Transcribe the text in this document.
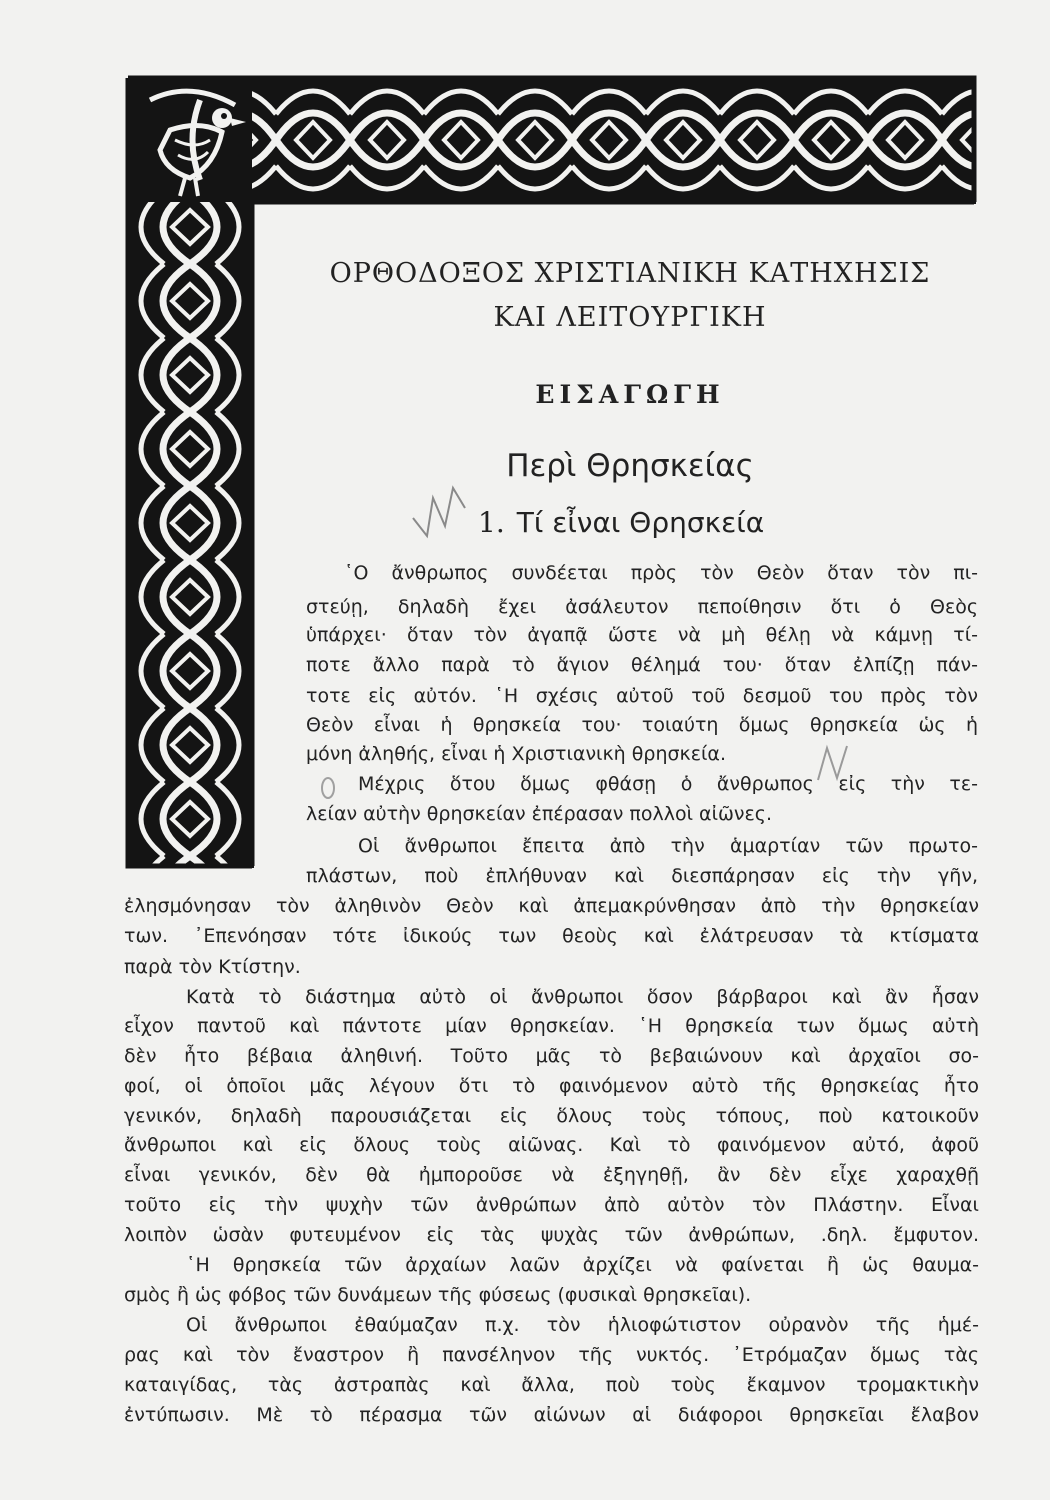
ΟΡΘΟΔΟΞΟΣ ΧΡΙΣΤΙΑΝΙΚΗ ΚΑΤΗΧΗΣΙΣ
ΚΑΙ ΛΕΙΤΟΥΡΓΙΚΗ
ΕΙΣΑΓΩΓΗ
Περὶ Θρησκείας
1. Τί εἶναι Θρησκεία
῾Ο ἄνθρωπος συνδέεται πρὸς τὸν Θεὸν ὅταν τὸν πι-
στεύῃ, δηλαδὴ ἔχει ἀσάλευτον πεποίθησιν ὅτι ὁ Θεὸς
ὑπάρχει· ὅταν τὸν ἀγαπᾷ ὥστε νὰ μὴ θέλῃ νὰ κάμνῃ τί-
ποτε ἄλλο παρὰ τὸ ἅγιον θέλημά του· ὅταν ἐλπίζῃ πάν-
τοτε εἰς αὐτόν. ῾Η σχέσις αὐτοῦ τοῦ δεσμοῦ του πρὸς τὸν
Θεὸν εἶναι ἡ θρησκεία του· τοιαύτη ὅμως θρησκεία ὡς ἡ
μόνη ἀληθής, εἶναι ἡ Χριστιανικὴ θρησκεία.
Μέχρις ὅτου ὅμως φθάσῃ ὁ ἄνθρωπος εἰς τὴν τε-
λείαν αὐτὴν θρησκείαν ἐπέρασαν πολλοὶ αἰῶνες.
Οἱ ἄνθρωποι ἔπειτα ἀπὸ τὴν ἁμαρτίαν τῶν πρωτο-
πλάστων, ποὺ ἐπλήθυναν καὶ διεσπάρησαν εἰς τὴν γῆν,
ἐλησμόνησαν τὸν ἀληθινὸν Θεὸν καὶ ἀπεμακρύνθησαν ἀπὸ τὴν θρησκείαν
των. ᾿Επενόησαν τότε ἰδικούς των θεοὺς καὶ ἐλάτρευσαν τὰ κτίσματα
παρὰ τὸν Κτίστην.
Κατὰ τὸ διάστημα αὐτὸ οἱ ἄνθρωποι ὅσον βάρβαροι καὶ ἂν ἦσαν
εἶχον παντοῦ καὶ πάντοτε μίαν θρησκείαν. ῾Η θρησκεία των ὅμως αὐτὴ
δὲν ἦτο βέβαια ἀληθινή. Τοῦτο μᾶς τὸ βεβαιώνουν καὶ ἀρχαῖοι σο-
φοί, οἱ ὁποῖοι μᾶς λέγουν ὅτι τὸ φαινόμενον αὐτὸ τῆς θρησκείας ἦτο
γενικόν, δηλαδὴ παρουσιάζεται εἰς ὅλους τοὺς τόπους, ποὺ κατοικοῦν
ἄνθρωποι καὶ εἰς ὅλους τοὺς αἰῶνας. Καὶ τὸ φαινόμενον αὐτό, ἀφοῦ
εἶναι γενικόν, δὲν θὰ ἠμποροῦσε νὰ ἐξηγηθῇ, ἂν δὲν εἶχε χαραχθῇ
τοῦτο εἰς τὴν ψυχὴν τῶν ἀνθρώπων ἀπὸ αὐτὸν τὸν Πλάστην. Εἶναι
λοιπὸν ὡσὰν φυτευμένον εἰς τὰς ψυχὰς τῶν ἀνθρώπων, .δηλ. ἔμφυτον.
῾Η θρησκεία τῶν ἀρχαίων λαῶν ἀρχίζει νὰ φαίνεται ἢ ὡς θαυμα-
σμὸς ἢ ὡς φόβος τῶν δυνάμεων τῆς φύσεως (φυσικαὶ θρησκεῖαι).
Οἱ ἄνθρωποι ἐθαύμαζαν π.χ. τὸν ἡλιοφώτιστον οὐρανὸν τῆς ἡμέ-
ρας καὶ τὸν ἔναστρον ἢ πανσέληνον τῆς νυκτός. ᾿Ετρόμαζαν ὅμως τὰς
καταιγίδας, τὰς ἀστραπὰς καὶ ἄλλα, ποὺ τοὺς ἔκαμνον τρομακτικὴν
ἐντύπωσιν. Μὲ τὸ πέρασμα τῶν αἰώνων αἱ διάφοροι θρησκεῖαι ἔλαβον
